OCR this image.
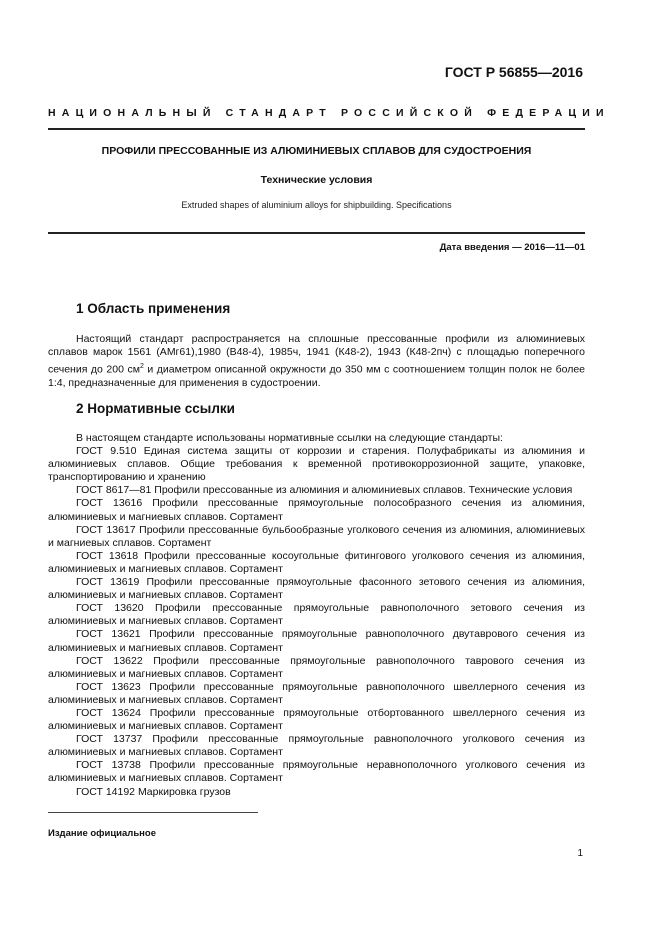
ГОСТ Р 56855—2016
НАЦИОНАЛЬНЫЙ СТАНДАРТ РОССИЙСКОЙ ФЕДЕРАЦИИ
ПРОФИЛИ ПРЕССОВАННЫЕ ИЗ АЛЮМИНИЕВЫХ СПЛАВОВ ДЛЯ СУДОСТРОЕНИЯ
Технические условия
Extruded shapes of aluminium alloys for shipbuilding. Specifications
Дата введения — 2016—11—01
1 Область применения
Настоящий стандарт распространяется на сплошные прессованные профили из алюминиевых сплавов марок 1561 (АМг61),1980 (В48-4), 1985ч, 1941 (К48-2), 1943 (К48-2пч) с площадью поперечного сечения до 200 $см^2$ и диаметром описанной окружности до 350 мм с соотношением толщин полок не более 1:4, предназначенные для применения в судостроении.
2 Нормативные ссылки

В настоящем стандарте использованы нормативные ссылки на следующие стандарты:

ГОСТ 9.510 Единая система защиты от коррозии и старения. Полуфабрикаты из алюминия и алюминиевых сплавов. Общие требования к временной противокоррозионной защите, упаковке, транспортированию и хранению

ГОСТ 8617—81 Профили прессованные из алюминия и алюминиевых сплавов. Технические условия

ГОСТ 13616 Профили прессованные прямоугольные полособразного сечения из алюминия, алюминиевых и магниевых сплавов. Сортамент

ГОСТ 13617 Профили прессованные бульбообразные уголкового сечения из алюминия, алюминиевых и магниевых сплавов. Сортамент

ГОСТ 13618 Профили прессованные косоугольные фитингового уголкового сечения из алюминия, алюминиевых и магниевых сплавов. Сортамент

ГОСТ 13619 Профили прессованные прямоугольные фасонного зетового сечения из алюминия, алюминиевых и магниевых сплавов. Сортамент

ГОСТ 13620 Профили прессованные прямоугольные равнополочного зетового сечения из алюминиевых и магниевых сплавов. Сортамент

ГОСТ 13621 Профили прессованные прямоугольные равнополочного двутаврового сечения из алюминиевых и магниевых сплавов. Сортамент

ГОСТ 13622 Профили прессованные прямоугольные равнополочного таврового сечения из алюминиевых и магниевых сплавов. Сортамент

ГОСТ 13623 Профили прессованные прямоугольные равнополочного швеллерного сечения из алюминиевых и магниевых сплавов. Сортамент

ГОСТ 13624 Профили прессованные прямоугольные отбортованного швеллерного сечения из алюминиевых и магниевых сплавов. Сортамент

ГОСТ 13737 Профили прессованные прямоугольные равнополочного уголкового сечения из алюминиевых и магниевых сплавов. Сортамент

ГОСТ 13738 Профили прессованные прямоугольные неравнополочного уголкового сечения из алюминиевых и магниевых сплавов. Сортамент

ГОСТ 14192 Маркировка грузов

Издание официальное
1
